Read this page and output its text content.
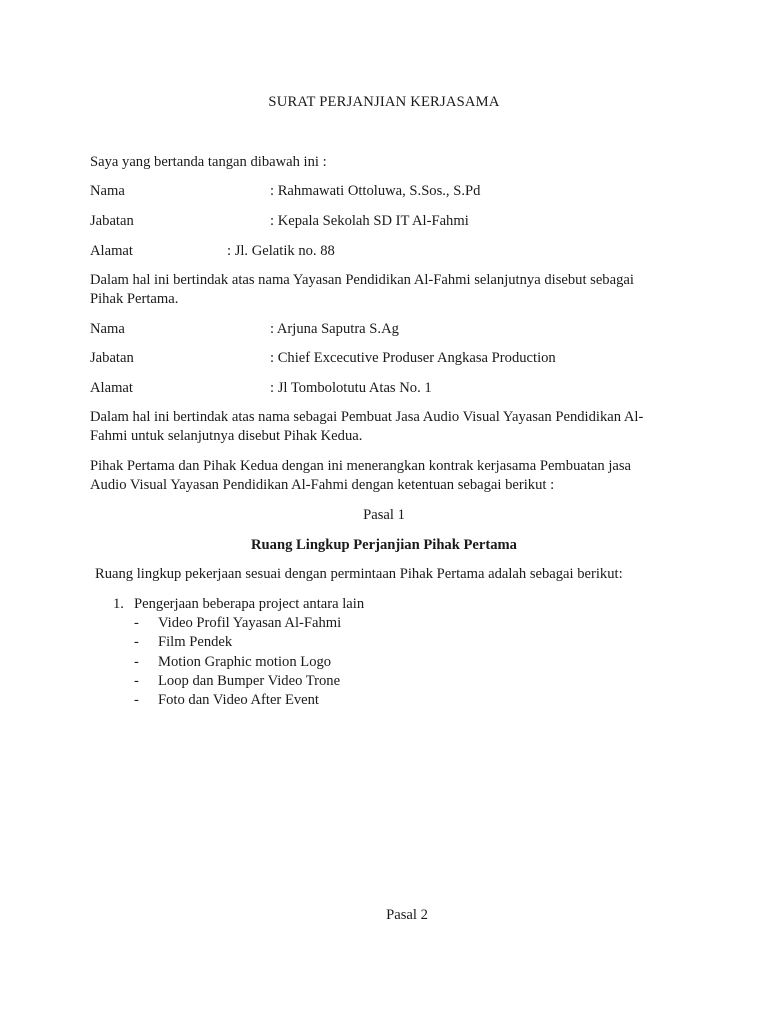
SURAT PERJANJIAN KERJASAMA
Saya yang bertanda tangan dibawah ini :
Nama	: Rahmawati Ottoluwa, S.Sos., S.Pd
Jabatan	: Kepala Sekolah SD IT Al-Fahmi
Alamat	: Jl. Gelatik no. 88
Dalam hal ini bertindak atas nama Yayasan Pendidikan Al-Fahmi selanjutnya disebut sebagai
Pihak Pertama.
Nama	: Arjuna Saputra S.Ag
Jabatan	: Chief Excecutive Produser Angkasa Production
Alamat	: Jl Tombolotutu Atas No. 1
Dalam hal ini bertindak atas nama sebagai Pembuat Jasa Audio Visual Yayasan Pendidikan Al-
Fahmi untuk selanjutnya disebut Pihak Kedua.
Pihak Pertama dan Pihak Kedua dengan ini menerangkan kontrak kerjasama Pembuatan jasa
Audio Visual Yayasan Pendidikan Al-Fahmi dengan ketentuan sebagai berikut :
Pasal 1
Ruang Lingkup Perjanjian Pihak Pertama
Ruang lingkup pekerjaan sesuai dengan permintaan Pihak Pertama adalah sebagai berikut:
1. Pengerjaan beberapa project antara lain
- Video Profil Yayasan Al-Fahmi
- Film Pendek
- Motion Graphic motion Logo
- Loop dan Bumper Video Trone
- Foto dan Video After Event
Pasal 2
